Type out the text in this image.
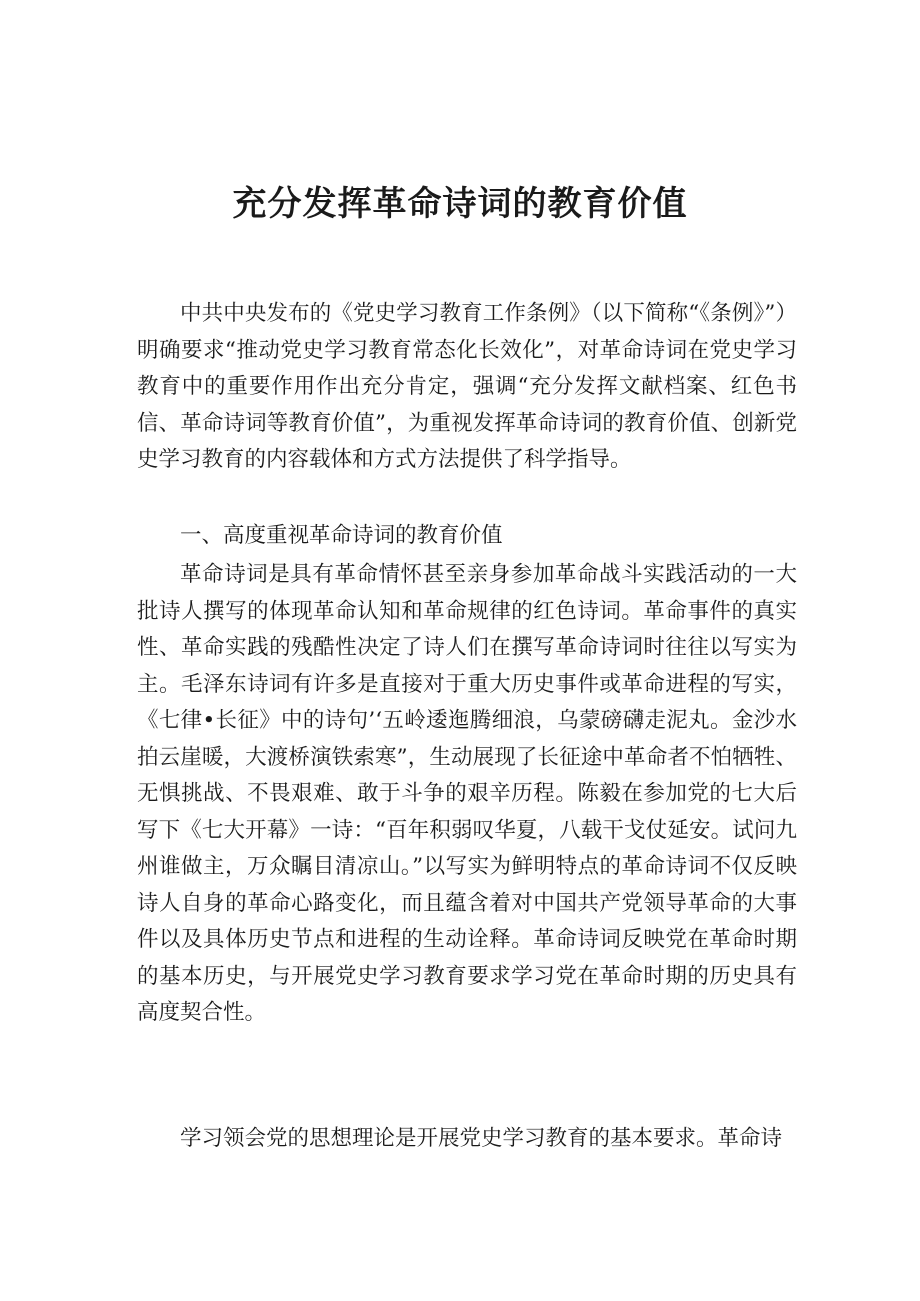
充分发挥革命诗词的教育价值

中共中央发布的《党史学习教育工作条例》（以下简称“《条例》”）明确要求“推动党史学习教育常态化长效化”，对革命诗词在党史学习教育中的重要作用作出充分肯定，强调“充分发挥文献档案、红色书信、革命诗词等教育价值”，为重视发挥革命诗词的教育价值、创新党史学习教育的内容载体和方式方法提供了科学指导。

一、高度重视革命诗词的教育价值

革命诗词是具有革命情怀甚至亲身参加革命战斗实践活动的一大批诗人撰写的体现革命认知和革命规律的红色诗词。革命事件的真实性、革命实践的残酷性决定了诗人们在撰写革命诗词时往往以写实为主。毛泽东诗词有许多是直接对于重大历史事件或革命进程的写实，《七律•长征》中的诗句’‘五岭逶迤腾细浪，乌蒙磅礴走泥丸。金沙水拍云崖暖，大渡桥演铁索寒”，生动展现了长征途中革命者不怕牺牲、无惧挑战、不畏艰难、敢于斗争的艰辛历程。陈毅在参加党的七大后写下《七大开幕》一诗：“百年积弱叹华夏，八载干戈仗延安。试问九州谁做主，万众瞩目清凉山。”以写实为鲜明特点的革命诗词不仅反映诗人自身的革命心路变化，而且蕴含着对中国共产党领导革命的大事件以及具体历史节点和进程的生动诠释。革命诗词反映党在革命时期的基本历史，与开展党史学习教育要求学习党在革命时期的历史具有高度契合性。

学习领会党的思想理论是开展党史学习教育的基本要求。革命诗
